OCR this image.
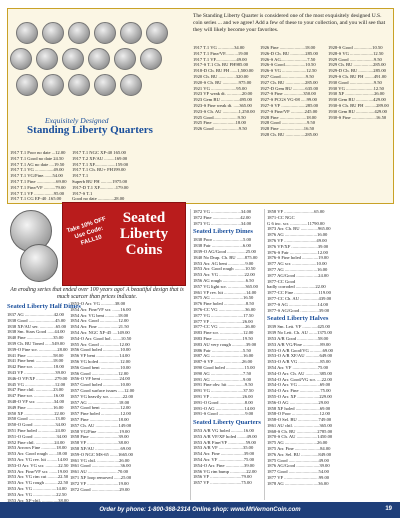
The Standing Liberty Quarter is considered one of the most exquisitely designed U.S. coin series ... and we agree! Add a few of these to your collection, and you will see that they will likely become your favorites.
Exquisitely Designed
Standing Liberty Quarters
1917 T.1 Poor no date ...12.00
1917 T.1 Good no date 24.50
1917 T.1 AG no date ....19.50
1917 T.1 VG ................49.00
1917 T.1 VG/Fine........54.00
1917 T.1 Fine .................69.00
1917 T.1 Fine/VF ..........79.00
1917 T.1 VF .................95.00
1917 T.1 CG EF-40 .165.00
1917 T.1 NGC XF-40 165.00
1917 T.2 XF/AU .........169.00
1917 T.1 XF..................159.00
1917 T.1 Ch. BU+ FH199.00
1917 T.1
Superb BU FH ..........1975.00
1917-D T.1 XF..............179.00
1917-S T.1
Good no date ..............28.00
1917 T.1 VG ..............34.00
1917 T.1 Fine/VF...........19.00
1917 T.1 VF..................49.00
1917-S T.1 Ch. BU FH985.00
1918-D Ch. BU FH ......1,500.00
1920 Ch. BU ...............320.00
1920-S Ch. BU ..............975.00
1921 VG ......................95.00
1923 VF weak dt. .............20.00
1923 Gem BU ................495.00
1923-S Fine weak dt. .....365.00
1923-S Ch. AU ..............1,250.00
1925 Good.....................9.50
1925 Fine ....................18.00
1926 Good .....................9.50
1926 Fine ......................18.00
1926-D Ch. BU .............285.00
1926-S AG.......................7.50
1926-S Good..................10.50
1926-S VG .....................12.50
1927 Good......................9.50
1927 Ch. BU .................285.00
1927-D Gem BU ...........635.00
1927-S Fine .................350.00
1927-S PCGS VG-08 .....99.00
1927-S VF .....................285.00
1927-S Fine/VF ............245.00
1928 Fine .......................18.00
1928 Good ......................9.50
1928 Fine .....................16.50
1928 Ch. BU .................285.00
1928-S Good ................10.50
1928-S VG ....................12.50
1929 Good .....................9.50
1929 Ch. BU .................285.00
1929-D Ch. BU .............285.00
1929-S Ch. BU FH ........491.00
1930 Good .....................9.50
1930 VG ........................12.50
1930 XF .........................26.00
1930 Gem BU ...............429.00
1930-S Ch. BU FH ..........289.00
1930 Gem BU ................429.00
1930-S Fine .....................16.50
Take 10% OFF Use Code: FALL10
Seated
Liberty
Coins
An eroding series that ended over 100 years ago! A beautiful design that is much scarcer than prices indicate.
Seated Liberty Half Dimes
1837 AG .........................42.00
1838 Good .......................45.00
1838 XF/AU ser. ..............65.00
1838 Sm. Stars Good ......44.00
1840 Fine .......................35.00
1839 Ch. BU Toned ......549.00
1839-O Fine scr. ................28.00
1841 Fine .......................58.00
1841 Fine bent ...............18.00
1842 Fine scr. .................18.00
1843 VF ...........................39.00
1846-O VF/XF ................279.00
1845 VG ..........................12.00
1847 Fine chtl. ...............23.00
1847 Fine scr. .................16.00
1848-O VF scr. ...............34.00
1849 Fine .......................16.00
1850 XF ..........................22.00
1850 Good .......................13.00
1850-O Good ...................34.00
1851 Fine holed ...............24.00
1851-O Good ....................34.00
1852 Fine chtl. ................24.00
1853 Arrows Fine .............18.00
1853 Arr. Good rough .......18.00
1853 Arr. VG rev. hit .........14.00
1853-O Arr. VG scr. ...........22.50
1853 Arr. Fine/VF scr. .......19.00
1853 Arr. VG rim cut .........22.50
1853 Arr. VG rough ...........22.50
1853 Arr. VG ....................14.00
1853 Arr. VG ....................22.50
1853 Arr. XF-chtl. ..............38.00
1853-O Arr. VG ............38.00
1854 Arr. Fine/VF scr. .......16.00
1854 Arr. VG bent ...........18.00
1854 Arr. Good ................12.00
1854 Arr. Fine ..................21.50
1854 Arr. NGC XF-45 ....149.00
1854-O Arr. Good hol. .......10.50
1855 Arr. Good .................12.00
1856 Good holed ...............10.00
1856 VF bent ....................14.00
1856 VG holed ..................12.00
1856 Good bent .................10.00
1856 Good .......................12.00
1856-O VF bent ................24.00
1857 Good holed ...............10.00
1857 Good surface issues .....12.00
1857 VG heavily scr. ...........22.00
1857 AG ...........................18.00
1857 Good bent .................12.00
1857 Fine holed .................12.00
1857 Fine .........................18.00
1857 Ch. AU ....................149.00
1858 VG/Fine ...................19.00
1858 Fine .........................39.00
1858 VF ...........................38.00
1858 XF/AU ......................69.00
1859-O NGC MS-65 .......1665.00
1861 VG chtl. ...................26.00
1861 Good .........................36.00
1861 AU ..........................70.00
1871 XF loop removed ......25.00
1872 VF ...........................19.00
1872 Good ........................29.00
1872 VG ..........................34.00
1872 Fine ........................42.00
1873 VG ..........................34.00
Seated Liberty Dimes
1838 Poor ..........................5.00
1838 Fair ...........................6.00
1839-O AG/Good ................25.00
1840 No Drap. Ch. BU .......875.00
1853 Arr. AG bent ...............9.00
1853 Arr. Good rough .........10.50
1853 Arr. VG ......................22.00
1856 AG rough ....................6.50
1857 VG light scr. ...............365.00
1861 VF rev. hit ...................14.00
1875 AG ............................16.50
1876 Fine holed ...................8.50
1876-CC VG .......................36.00
1877 VG ............................17.50
1877 VF ............................26.00
1877-CC VG .......................26.00
1883 Fine scr. ....................12.00
1883 Fine ..........................19.50
1883 AU very rough ............39.00
1886 Fair ...........................5.50
1887 AG ............................16.00
1887-S VF ........................26.00
1890 Good holed ................15.00
1890 AG ............................7.50
1891 AG ............................9.00
1891 Fine obv. hit ...............9.50
1891 VG ............................37.50
1891 VF ............................26.00
1891-O Good ......................8.00
1891-O AG .........................14.00
1891-S Good .......................9.00
Seated Liberty Quarters
1853 A/R VG holed ...........16.00
1853 A/R VF/XF holed ........49.00
1853 A/R Fine/VF ...............59.00
1853 A/R VF .....................35.00
1854 Arr. Fine ....................39.00
1854 Arr. VF ......................75.00
1854-O Arr. Fine ................39.00
1856 VG rim bump ..............22.00
1856 VF ...........................79.00
1857 VF ...........................75.00
1858 VF ..........................65.00
1871-CC NGC
G 6 inc. scr. ...............11790.00
1873 Arr. Ch. BU ...............965.00
1876 AG ............................16.00
1876 VF ............................49.00
1876 VF/XF .......................39.00
1876-S Fair ........................12.00
1876-S Fine holed ..............19.00
1877 AG scr. .....................10.00
1877 AG ............................16.00
1877 AG/Good ...................24.00
1877-CC Good
badly corroded .................22.00
1877-CC Fine .....................119.00
1877-CC Ch. AU ................439.00
1877-S AG .........................14.00
1877-S AG/Good ................39.00
Seated Liberty Halves
1839 Sm. Lett. VF .............425.00
1839 No Lett. Ch. AU .......1375.00
1853 A/R Good ..................58.00
1853 A/R VG/Fine ...............89.00
1853-O A/R Good/VG ...........69.00
1853-O A/R XF/AU ............649.00
1853-O A/R VG ...................85.00
1854 Arr. VF ......................75.00
1854-O Arr. Ch. AU ............385.00
1854-O Arr. Good/VG scr. ....22.00
1854-O Arr. VG ...................69.00
1854-O Arr. Fine ..................75.00
1855-O Arr. XF ...................229.00
1856-O AG .........................29.00
1858 XF holed .....................69.00
1858-O Poor ........................12.00
1858-O Sel. BU ..................749.00
1861 AU chtl. ......................365.00
1868-S Ch. BU ..................2785.00
1870-S Ch. AU ..................1450.00
1875 AG ............................26.00
1875 Arr. Fine ......................84.00
1876 Arr. Sel. BU ...............849.00
1875 Good ..........................49.00
1876 AG/Good ....................39.00
1877 Good ..........................54.00
1877 VF ..............................99.00
1878 AG .............................36.00
Order by phone: 1-800-368-2314 Online shop: www.MtVernonCoin.com	19
